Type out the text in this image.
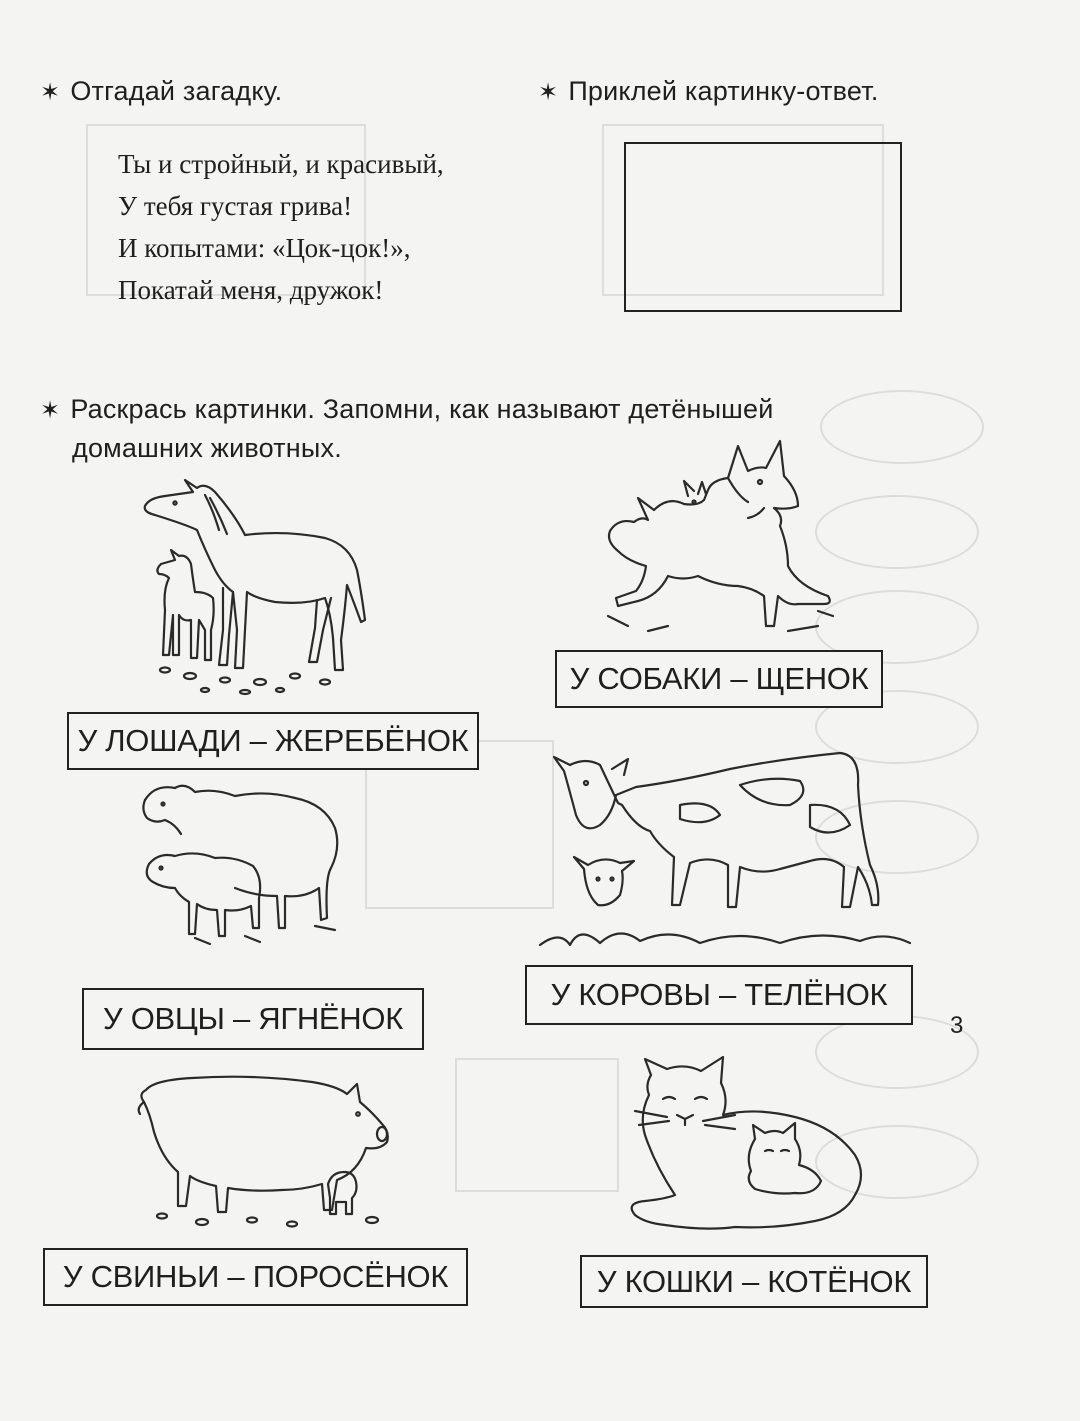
✶ Отгадай загадку.	✶ Приклей картинку-ответ.
Ты и стройный, и красивый,
У тебя густая грива!
И копытами: «Цок-цок!»,
Покатай меня, дружок!
✶ Раскрась картинки. Запомни, как называют детёнышей
домашних животных.
У ЛОШАДИ – ЖЕРЕБЁНОК
У СОБАКИ – ЩЕНОК
У ОВЦЫ – ЯГНЁНОК
У КОРОВЫ – ТЕЛЁНОК
У СВИНЬИ – ПОРОСЁНОК	У КОШКИ – КОТЁНОК
3
